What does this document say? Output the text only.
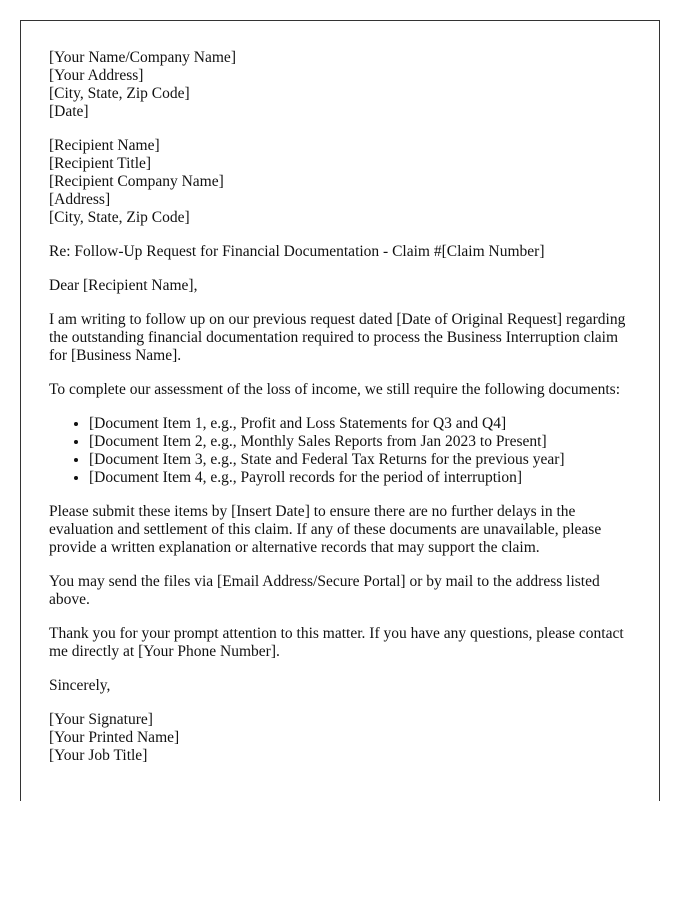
[Your Name/Company Name]
[Your Address]
[City, State, Zip Code]
[Date]
[Recipient Name]
[Recipient Title]
[Recipient Company Name]
[Address]
[City, State, Zip Code]

Re: Follow-Up Request for Financial Documentation - Claim #[Claim Number]

Dear [Recipient Name],

I am writing to follow up on our previous request dated [Date of Original Request] regarding the outstanding financial documentation required to process the Business Interruption claim for [Business Name].

To complete our assessment of the loss of income, we still require the following documents:

• [Document Item 1, e.g., Profit and Loss Statements for Q3 and Q4]
• [Document Item 2, e.g., Monthly Sales Reports from Jan 2023 to Present]
• [Document Item 3, e.g., State and Federal Tax Returns for the previous year]
• [Document Item 4, e.g., Payroll records for the period of interruption]

Please submit these items by [Insert Date] to ensure there are no further delays in the evaluation and settlement of this claim. If any of these documents are unavailable, please provide a written explanation or alternative records that may support the claim.

You may send the files via [Email Address/Secure Portal] or by mail to the address listed above.

Thank you for your prompt attention to this matter. If you have any questions, please contact me directly at [Your Phone Number].

Sincerely,

[Your Signature]
[Your Printed Name]
[Your Job Title]
